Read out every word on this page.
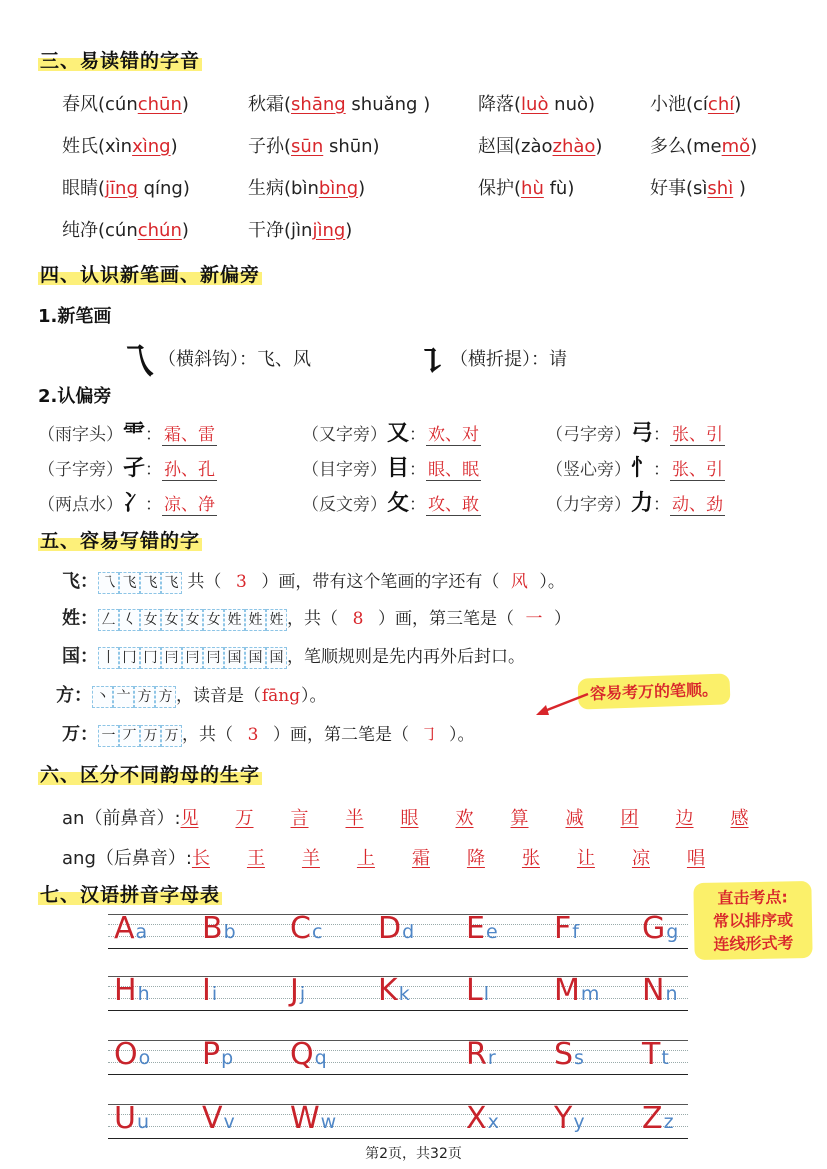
三、易读错的字音
春风(cúnchūn)	秋霜(shāng shuǎng )	降落(luò nuò)	小池(cíchí)
姓氏(xìnxìng)	子孙(sūn shūn)	赵国(zàozhào)	多么(memǒ)
眼睛(jīng qíng)	生病(bìnbìng)	保护(hù fù)	好事(sìshì )
纯净(cúnchún)	干净(jìnjìng)
四、认识新笔画、新偏旁
1.新笔画
乁 （横斜钩）：飞、风	㇊ （横折提）：请
2.认偏旁
（雨字头）⻗： 霜、雷	（又字旁）又： 欢、对	（弓字旁）弓： 张、引
（子字旁）孑： 孙、孔	（目字旁）目： 眼、眠	（竖心旁）忄： 张、引
（两点水）冫： 凉、净	（反文旁）攵： 攻、敢	（力字旁）力： 动、劲
五、容易写错的字
飞： 乁 飞 飞 飞 共（ 3 ）画，带有这个笔画的字还有（ 风 ）。
姓： 𠃋 𡿨 女 女 女 女 姓 姓 姓 ，共（ 8 ）画，第三笔是（ 一 ）
国： 丨 冂 冂 冃 冃 冃 国 国 国 ，笔顺规则是先内再外后封口。
方： 丶 亠 方 方 ，读音是（fāng）。
万： 一 丆 万 万 ，共（ 3 ）画，第二笔是（ ㇆ ）。
容易考万的笔顺。
六、区分不同韵母的生字
an（前鼻音）:见 万 言 半 眼 欢 算 减 团 边 感
ang（后鼻音）:长 王 羊 上 霜 降 张 让 凉 唱
七、汉语拼音字母表	直击考点:
常以排序或
连线形式考
Aa Bb Cc Dd Ee Ff Gg
Hh Ii Jj Kk Ll Mm Nn
Oo Pp Qq	Rr Ss Tt
Uu Vv Ww	Xx Yy Zz
第2页，共32页
